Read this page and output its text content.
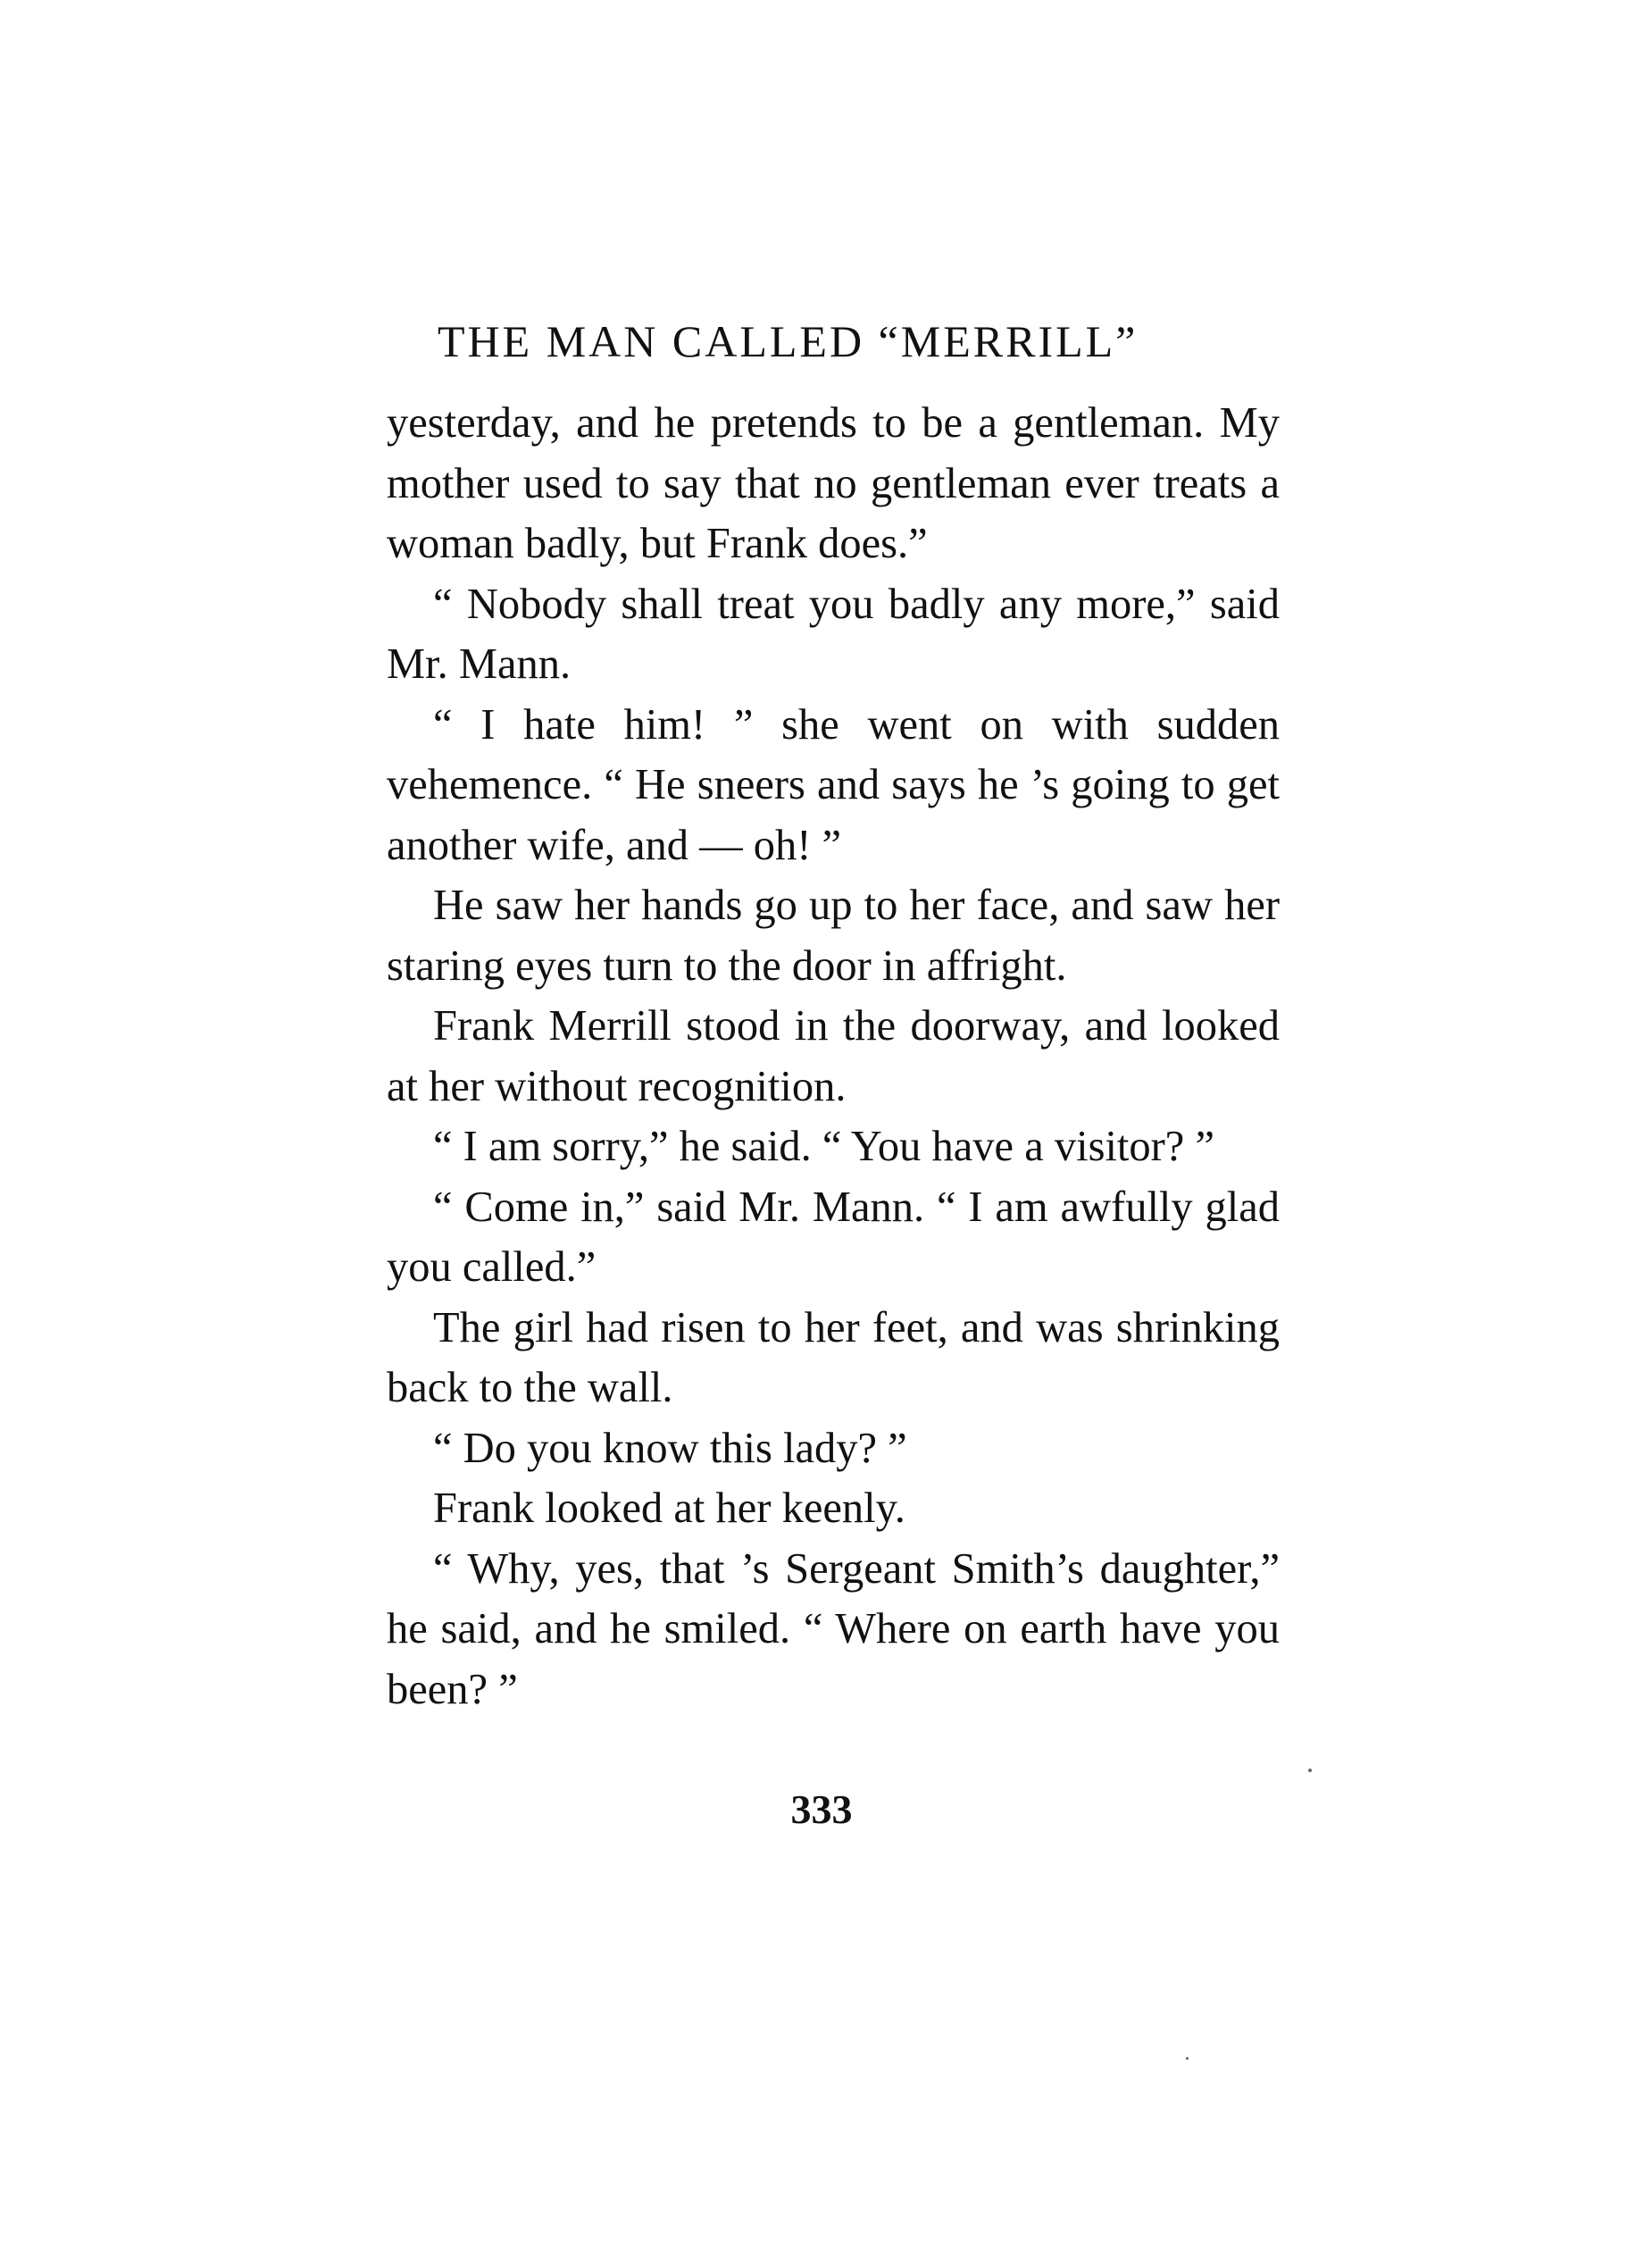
THE MAN CALLED “MERRILL”

yesterday, and he pretends to be a gentleman. My mother used to say that no gentleman ever treats a woman badly, but Frank does.”

“ Nobody shall treat you badly any more,” said Mr. Mann.

“ I hate him! ” she went on with sudden vehemence. “ He sneers and says he ’s going to get another wife, and — oh! ”

He saw her hands go up to her face, and saw her staring eyes turn to the door in affright.

Frank Merrill stood in the doorway, and looked at her without recognition.

“ I am sorry,” he said. “ You have a visitor? ”

“ Come in,” said Mr. Mann. “ I am awfully glad you called.”

The girl had risen to her feet, and was shrinking back to the wall.

“ Do you know this lady? ”

Frank looked at her keenly.

“ Why, yes, that ’s Sergeant Smith’s daughter,” he said, and he smiled. “ Where on earth have you been? ”

333
